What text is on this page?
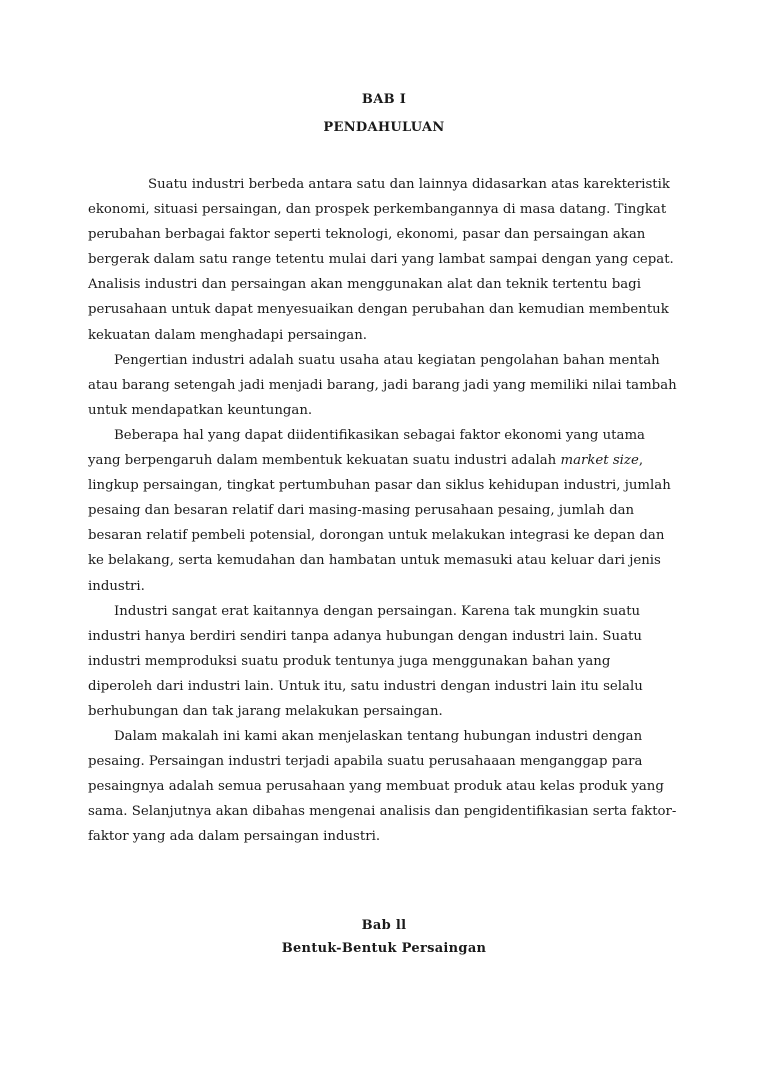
BAB I
PENDAHULUAN

Suatu industri berbeda antara satu dan lainnya didasarkan atas karekteristik ekonomi, situasi persaingan, dan prospek perkembangannya di masa datang. Tingkat perubahan berbagai faktor seperti teknologi, ekonomi, pasar dan persaingan akan bergerak dalam satu range tetentu mulai dari yang lambat sampai dengan yang cepat. Analisis industri dan persaingan akan menggunakan alat dan teknik tertentu bagi perusahaan untuk dapat menyesuaikan dengan perubahan dan kemudian membentuk kekuatan dalam menghadapi persaingan.

Pengertian industri adalah suatu usaha atau kegiatan pengolahan bahan mentah atau barang setengah jadi menjadi barang, jadi barang jadi yang memiliki nilai tambah untuk mendapatkan keuntungan.

Beberapa hal yang dapat diidentifikasikan sebagai faktor ekonomi yang utama yang berpengaruh dalam membentuk kekuatan suatu industri adalah market size, lingkup persaingan, tingkat pertumbuhan pasar dan siklus kehidupan industri, jumlah pesaing dan besaran relatif dari masing-masing perusahaan pesaing, jumlah dan besaran relatif pembeli potensial, dorongan untuk melakukan integrasi ke depan dan ke belakang, serta kemudahan dan hambatan untuk memasuki atau keluar dari jenis industri.

Industri sangat erat kaitannya dengan persaingan. Karena tak mungkin suatu industri hanya berdiri sendiri tanpa adanya hubungan dengan industri lain. Suatu industri memproduksi suatu produk tentunya juga menggunakan bahan yang diperoleh dari industri lain. Untuk itu, satu industri dengan industri lain itu selalu berhubungan dan tak jarang melakukan persaingan.

Dalam makalah ini kami akan menjelaskan tentang hubungan industri dengan pesaing. Persaingan industri terjadi apabila suatu perusahaaan menganggap para pesaingnya adalah semua perusahaan yang membuat produk atau kelas produk yang sama. Selanjutnya akan dibahas mengenai analisis dan pengidentifikasian serta faktor-faktor yang ada dalam persaingan industri.

Bab ll
Bentuk-Bentuk Persaingan
